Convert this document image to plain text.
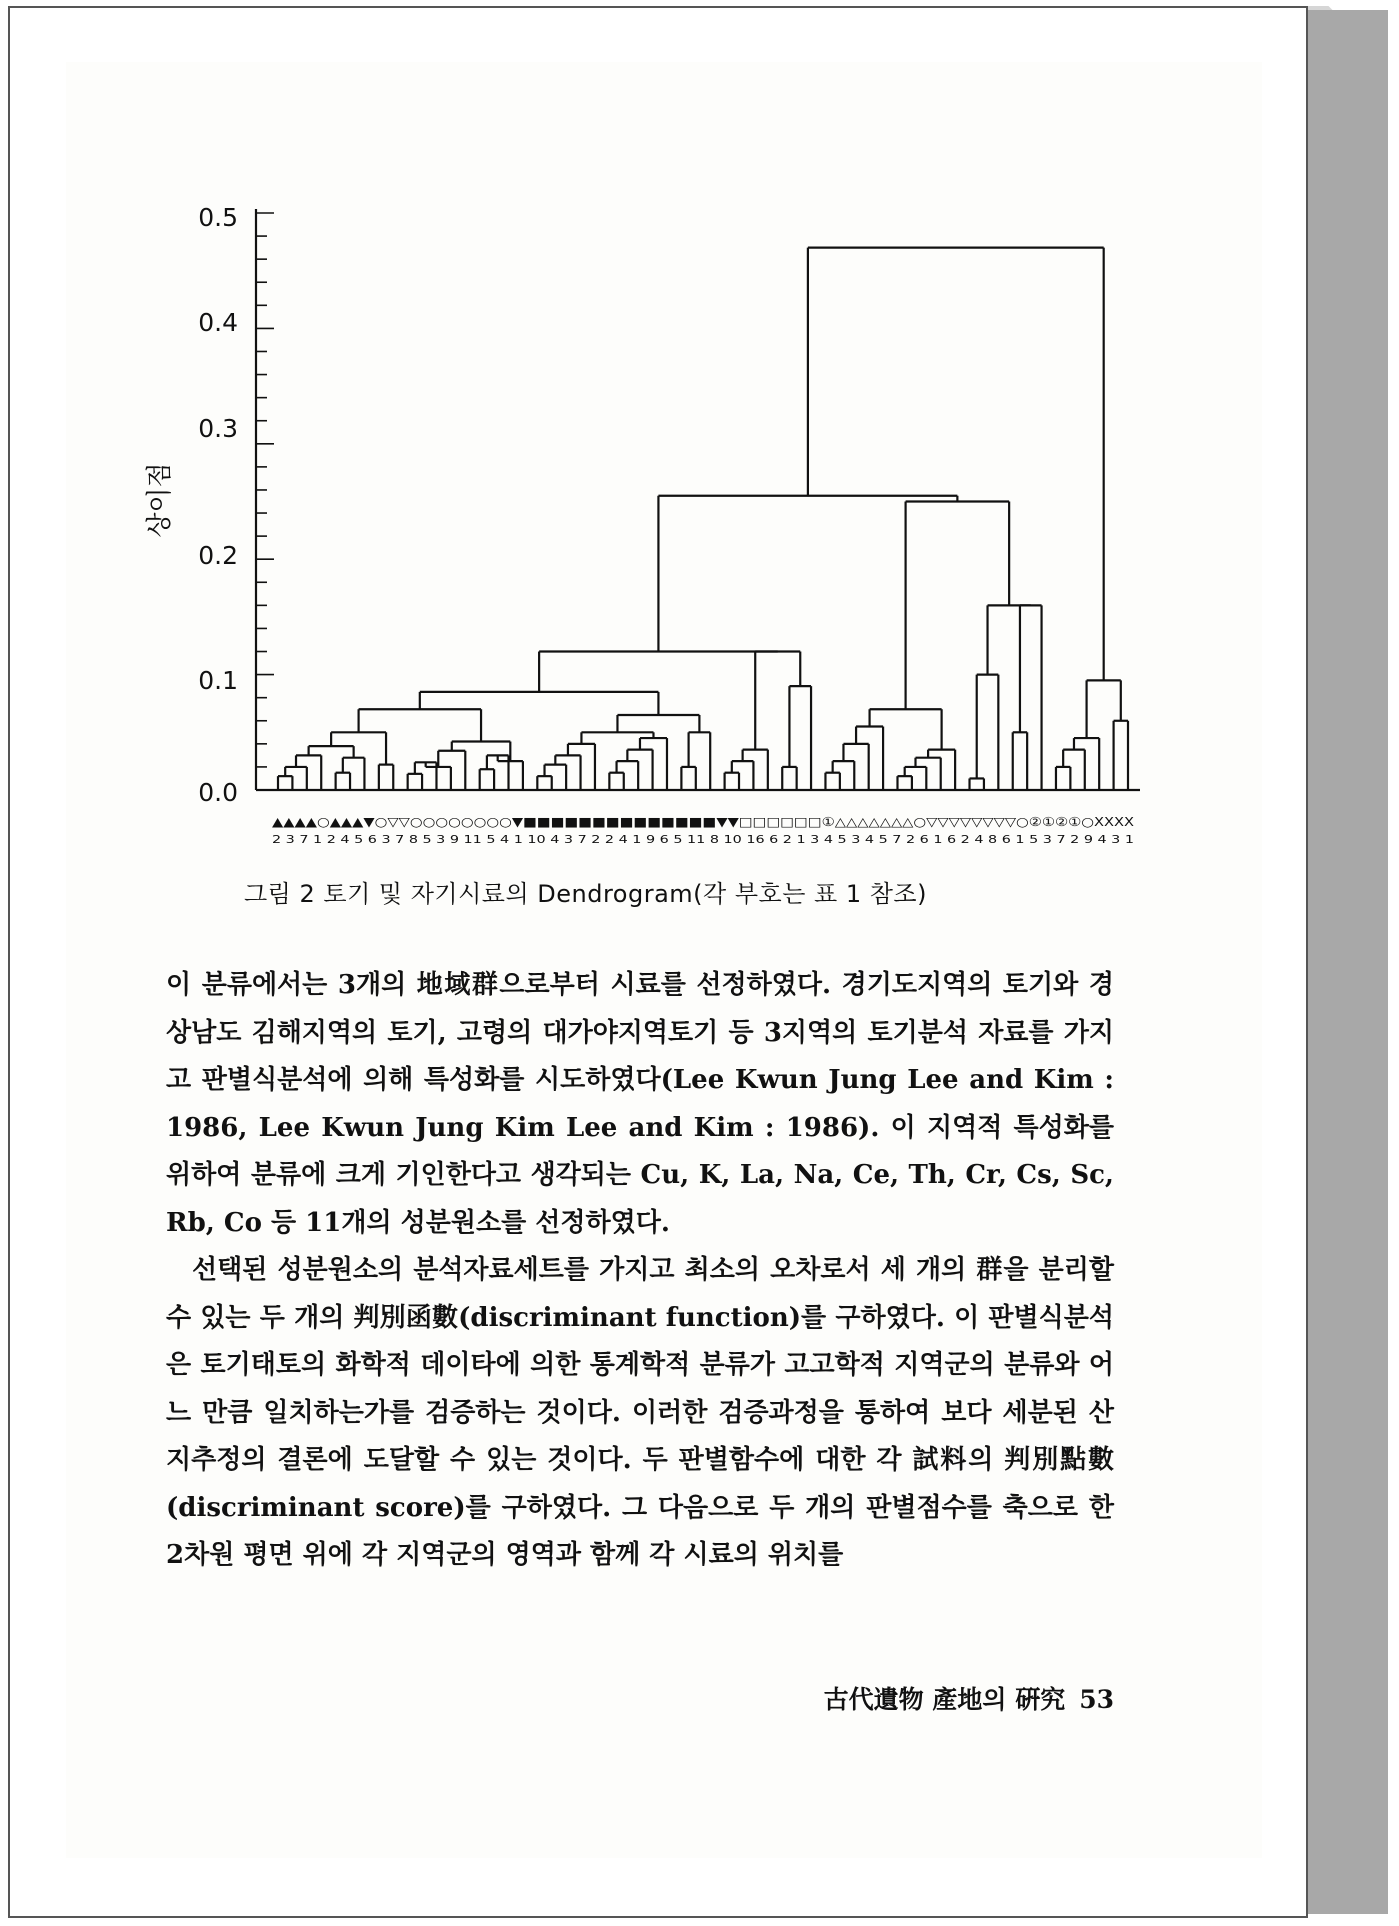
상이점
0.5
0.4
0.3
0.2
0.1
0.0
▲▲▲▲○▲▲▲▼○▽▽○○○○○○○○▼■■■■■■■■■■■■■■▼▼□□□□□□①△△△△△△△○▽▽▽▽▽▽▽▽○②①②①○XXXX
2 3 7 1 2 4 5 6 3 7 8 5 3 9 11 5 4 1 10 4 3 7 2 2 4 1 9 6 5 11 8 10 16 6 2 1 3 4 5 3 4 5 7 2 6 1 6 2 4 8 6 1 5 3 7 2 9 4 3 1
그림 2 토기 및 자기시료의 Dendrogram(각 부호는 표 1 참조)

이 분류에서는 3개의 地域群으로부터 시료를 선정하였다. 경기도지역의 토기와 경상남도 김해지역의 토기, 고령의 대가야지역토기 등 3지역의 토기분석 자료를 가지고 판별식분석에 의해 특성화를 시도하였다(Lee Kwun Jung Lee and Kim : 1986, Lee Kwun Jung Kim Lee and Kim : 1986). 이 지역적 특성화를 위하여 분류에 크게 기인한다고 생각되는 Cu, K, La, Na, Ce, Th, Cr, Cs, Sc, Rb, Co 등 11개의 성분원소를 선정하였다.

선택된 성분원소의 분석자료세트를 가지고 최소의 오차로서 세 개의 群을 분리할 수 있는 두 개의 判別函數(discriminant function)를 구하였다. 이 판별식분석은 토기태토의 화학적 데이타에 의한 통계학적 분류가 고고학적 지역군의 분류와 어느 만큼 일치하는가를 검증하는 것이다. 이러한 검증과정을 통하여 보다 세분된 산지추정의 결론에 도달할 수 있는 것이다. 두 판별함수에 대한 각 試料의 判別點數(discriminant score)를 구하였다. 그 다음으로 두 개의 판별점수를 축으로 한 2차원 평면 위에 각 지역군의 영역과 함께 각 시료의 위치를

古代遺物 產地의 硏究 53
